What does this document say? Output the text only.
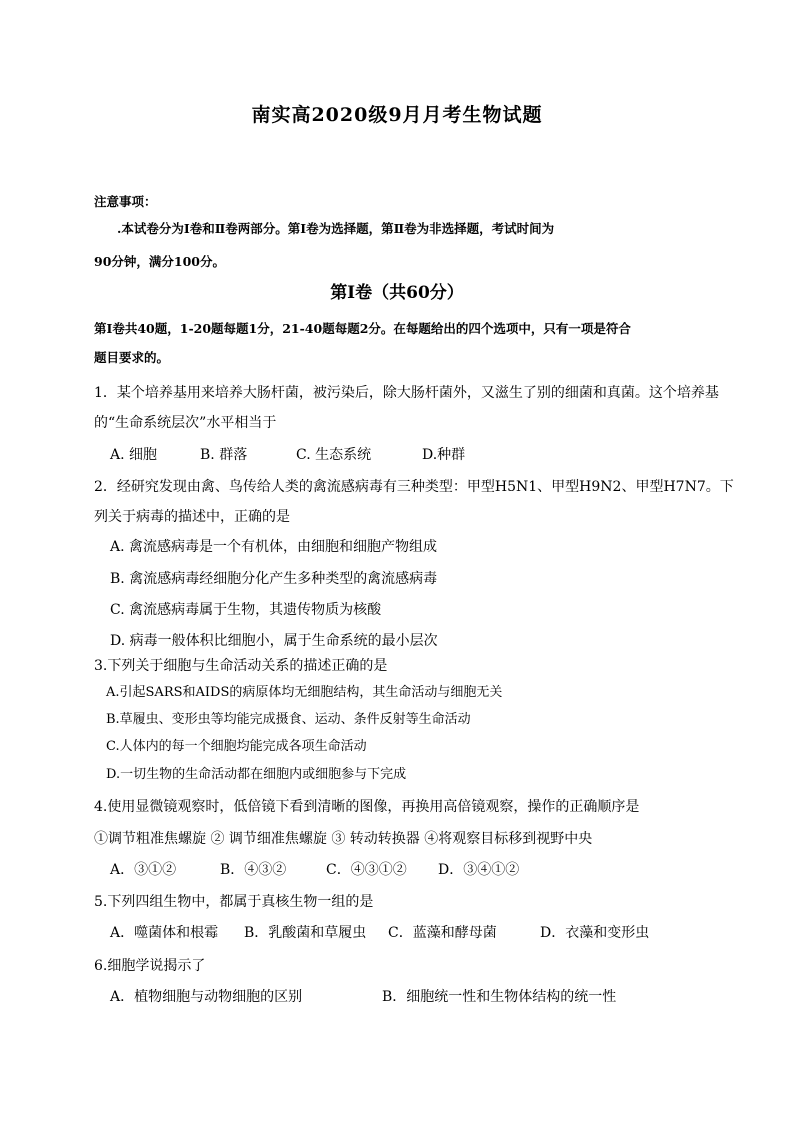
南实高2020级9月月考生物试题
注意事项：
.本试卷分为Ⅰ卷和Ⅱ卷两部分。第Ⅰ卷为选择题，第Ⅱ卷为非选择题，考试时间为
90分钟，满分100分。
第Ⅰ卷（共60分）
第Ⅰ卷共40题，1-20题每题1分，21-40题每题2分。在每题给出的四个选项中，只有一项是符合
题目要求的。
1．某个培养基用来培养大肠杆菌，被污染后，除大肠杆菌外，又滋生了别的细菌和真菌。这个培养基
的“生命系统层次”水平相当于
A. 细胞	B. 群落	C. 生态系统	D.种群
2．经研究发现由禽、鸟传给人类的禽流感病毒有三种类型：甲型H5N1、甲型H9N2、甲型H7N7。下
列关于病毒的描述中，正确的是
A. 禽流感病毒是一个有机体，由细胞和细胞产物组成
B. 禽流感病毒经细胞分化产生多种类型的禽流感病毒
C. 禽流感病毒属于生物，其遗传物质为核酸
D. 病毒一般体积比细胞小，属于生命系统的最小层次
3.下列关于细胞与生命活动关系的描述正确的是
A.引起SARS和AIDS的病原体均无细胞结构，其生命活动与细胞无关
B.草履虫、变形虫等均能完成摄食、运动、条件反射等生命活动
C.人体内的每一个细胞均能完成各项生命活动
D.一切生物的生命活动都在细胞内或细胞参与下完成
4.使用显微镜观察时，低倍镜下看到清晰的图像，再换用高倍镜观察，操作的正确顺序是
①调节粗准焦螺旋 ② 调节细准焦螺旋 ③ 转动转换器 ④将观察目标移到视野中央
A．③①②	B．④③②	C．④③①② D．③④①②
5.下列四组生物中，都属于真核生物一组的是
A．噬菌体和根霉 B．乳酸菌和草履虫 C．蓝藻和酵母菌	D．衣藻和变形虫
6.细胞学说揭示了
A．植物细胞与动物细胞的区别	B．细胞统一性和生物体结构的统一性
